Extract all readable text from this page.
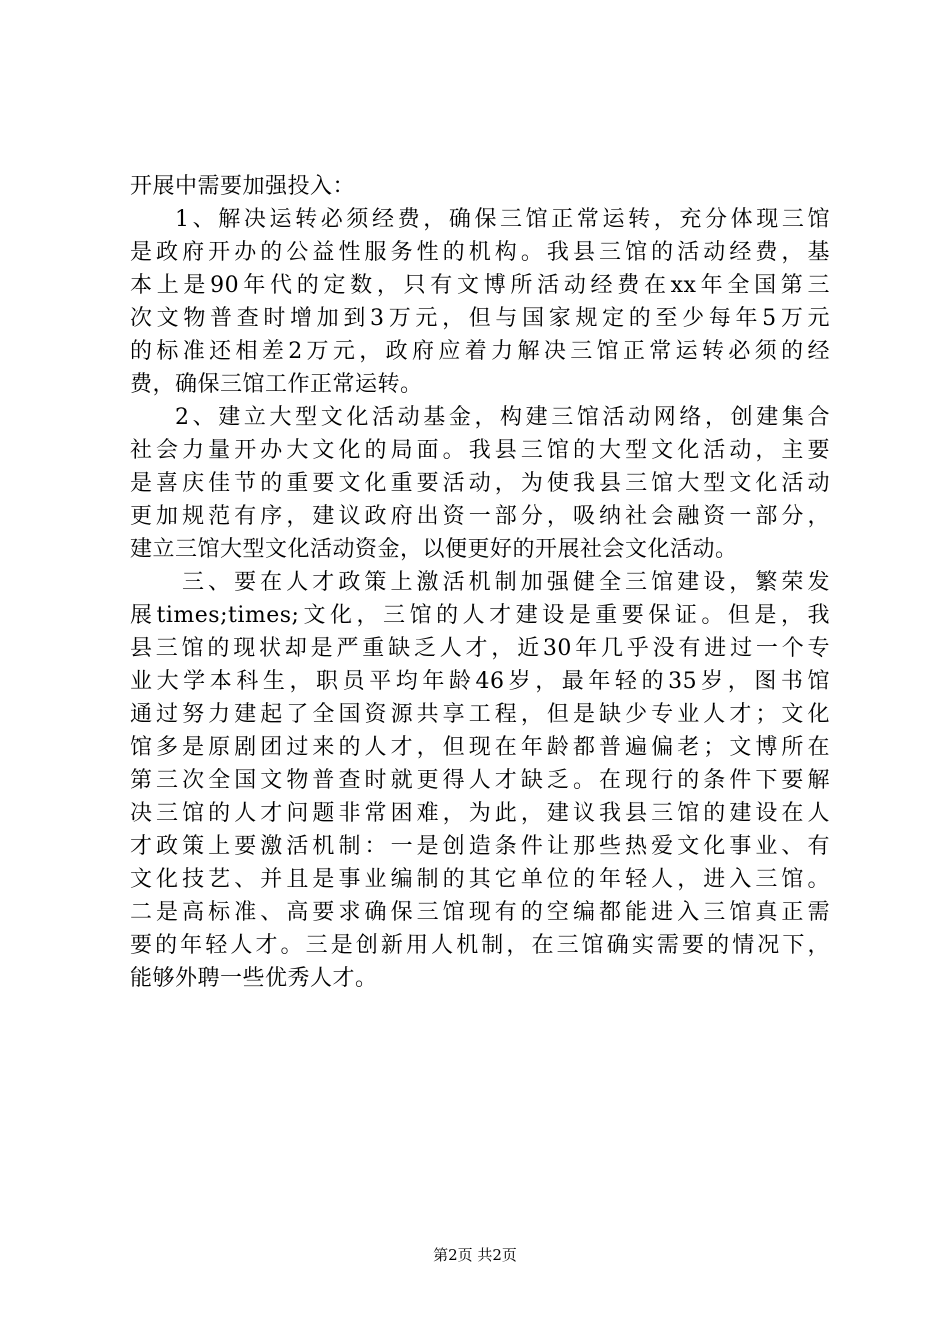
开展中需要加强投入：
1、解决运转必须经费，确保三馆正常运转，充分体现三馆
是政府开办的公益性服务性的机构。我县三馆的活动经费，基
本上是90年代的定数，只有文博所活动经费在xx年全国第三
次文物普查时增加到3万元，但与国家规定的至少每年5万元
的标准还相差2万元，政府应着力解决三馆正常运转必须的经
费，确保三馆工作正常运转。
2、建立大型文化活动基金，构建三馆活动网络，创建集合
社会力量开办大文化的局面。我县三馆的大型文化活动，主要
是喜庆佳节的重要文化重要活动，为使我县三馆大型文化活动
更加规范有序，建议政府出资一部分，吸纳社会融资一部分，
建立三馆大型文化活动资金，以便更好的开展社会文化活动。
三、要在人才政策上激活机制加强健全三馆建设，繁荣发
展times;times;文化，三馆的人才建设是重要保证。但是，我
县三馆的现状却是严重缺乏人才，近30年几乎没有进过一个专
业大学本科生，职员平均年龄46岁，最年轻的35岁，图书馆
通过努力建起了全国资源共享工程，但是缺少专业人才；文化
馆多是原剧团过来的人才，但现在年龄都普遍偏老；文博所在
第三次全国文物普查时就更得人才缺乏。在现行的条件下要解
决三馆的人才问题非常困难，为此，建议我县三馆的建设在人
才政策上要激活机制：一是创造条件让那些热爱文化事业、有
文化技艺、并且是事业编制的其它单位的年轻人，进入三馆。
二是高标准、高要求确保三馆现有的空编都能进入三馆真正需
要的年轻人才。三是创新用人机制，在三馆确实需要的情况下，
能够外聘一些优秀人才。
第2页 共2页
